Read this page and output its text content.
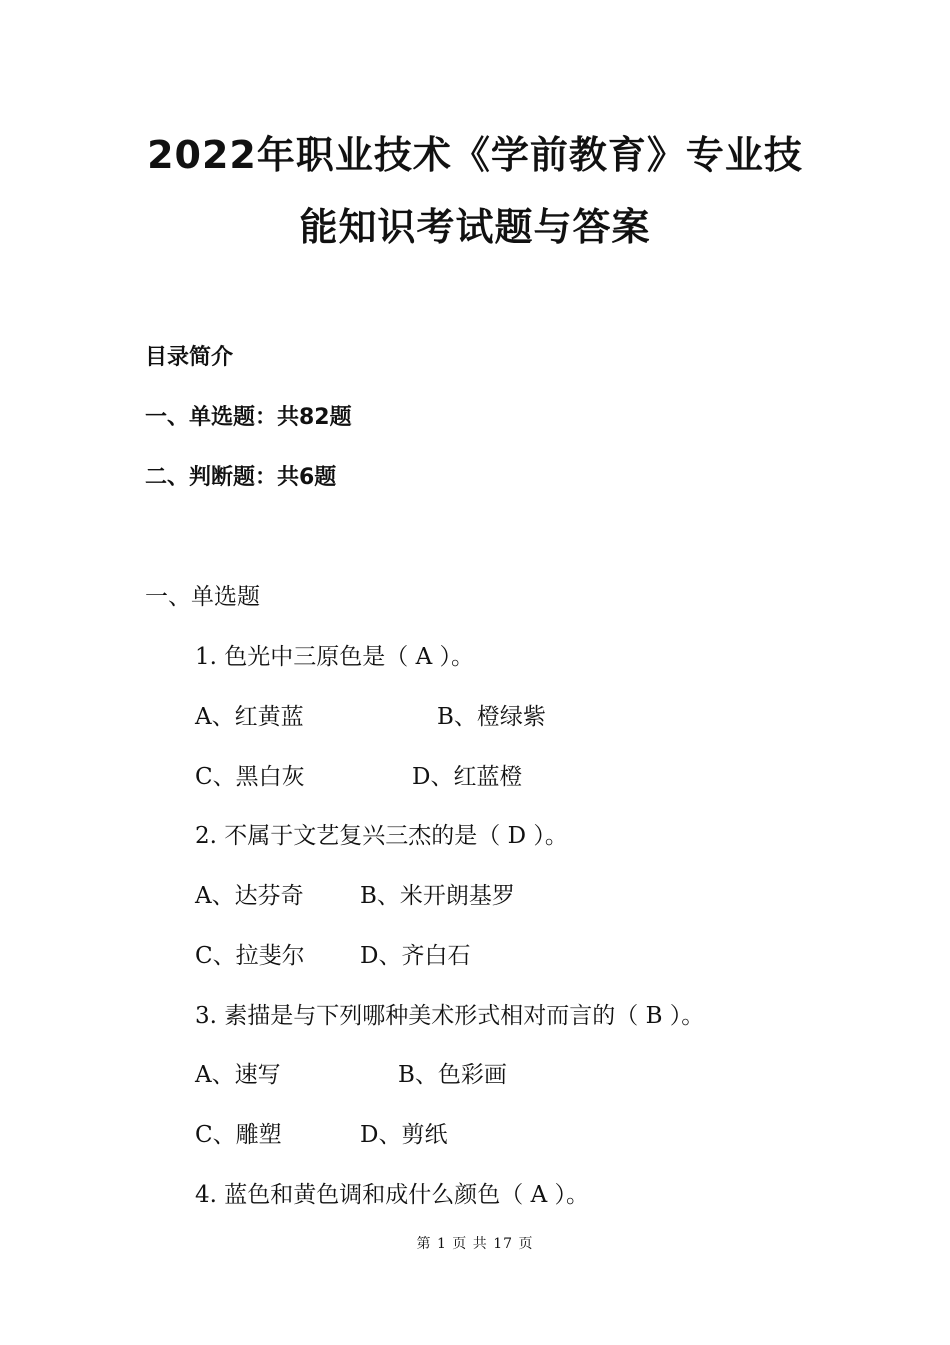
2022年职业技术《学前教育》专业技
能知识考试题与答案
目录简介
一、单选题：共82题
二、判断题：共6题
一、单选题
1. 色光中三原色是（ A ）。
A、红黄蓝	B、橙绿紫
C、黑白灰	D、红蓝橙
2. 不属于文艺复兴三杰的是（ D ）。
A、达芬奇 B、米开朗基罗
C、拉斐尔 D、齐白石
3. 素描是与下列哪种美术形式相对而言的（ B ）。
A、速写	B、色彩画
C、雕塑	D、剪纸
4. 蓝色和黄色调和成什么颜色（ A ）。
第 1 页 共 17 页
